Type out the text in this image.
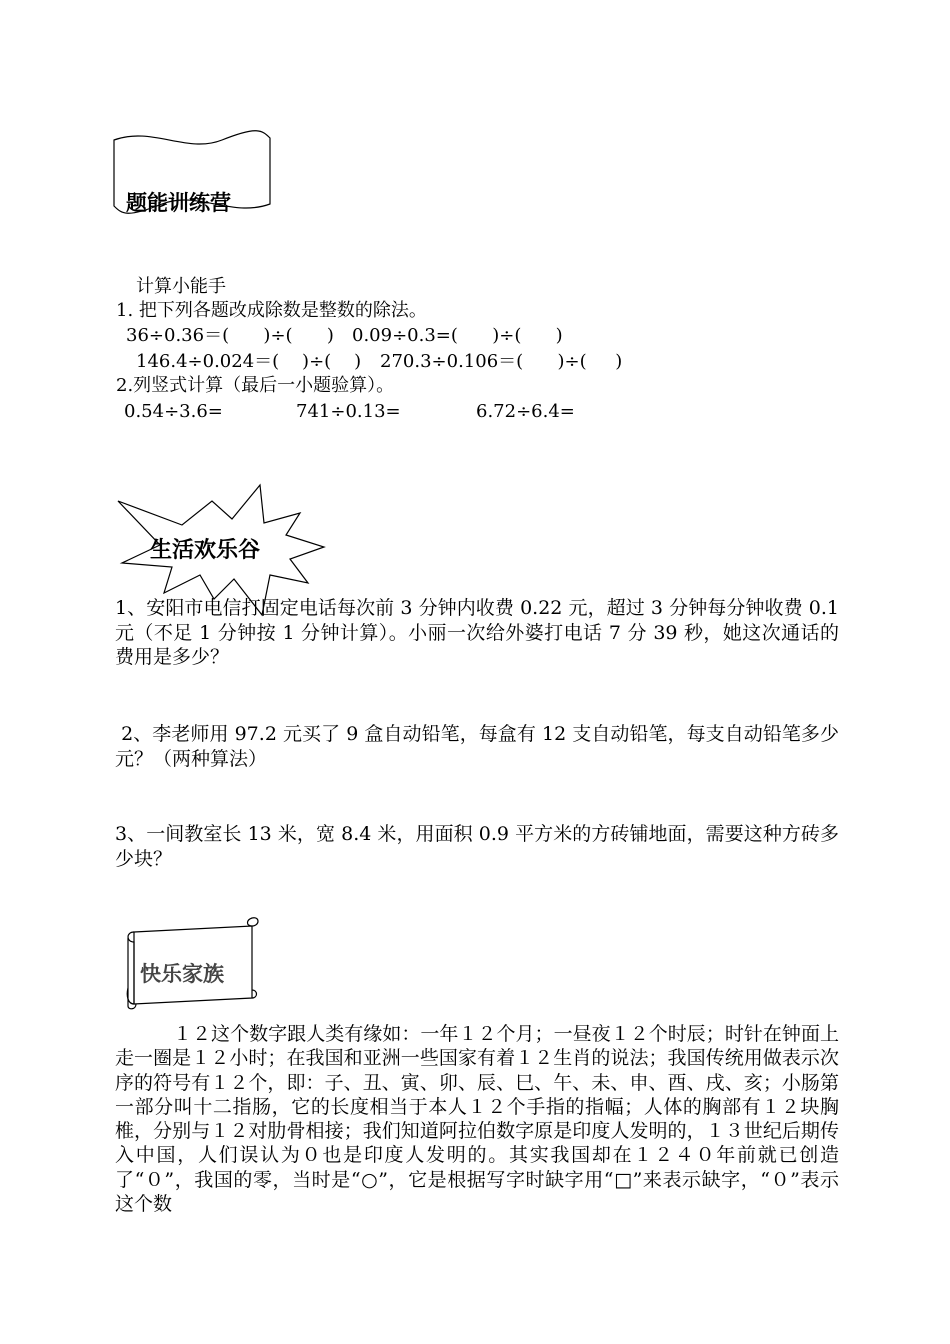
题能训练营
计算小能手
1. 把下列各题改成除数是整数的除法。
36÷0.36＝(      )÷(      ) 0.09÷0.3=(      )÷(      )
146.4÷0.024＝(    )÷(    ) 270.3÷0.106＝(      )÷(     )
2.列竖式计算（最后一小题验算）。
0.54÷3.6=	741÷0.13=	6.72÷6.4=
生活欢乐谷
1、安阳市电信打固定电话每次前 3 分钟内收费 0.22 元，超过 3 分钟每分钟收费 0.1 元（不足 1 分钟按 1 分钟计算）。小丽一次给外婆打电话 7 分 39 秒，她这次通话的费用是多少？
2、李老师用 97.2 元买了 9 盒自动铅笔，每盒有 12 支自动铅笔，每支自动铅笔多少元？（两种算法）
3、一间教室长 13 米，宽 8.4 米，用面积 0.9 平方米的方砖铺地面，需要这种方砖多少块？
快乐家族
１２这个数字跟人类有缘如：一年１２个月；一昼夜１２个时辰；时针在钟面上走一圈是１２小时；在我国和亚洲一些国家有着１２生肖的说法；我国传统用做表示次序的符号有１２个，即：子、丑、寅、卯、辰、巳、午、未、申、酉、戌、亥；小肠第一部分叫十二指肠，它的长度相当于本人１２个手指的指幅；人体的胸部有１２块胸椎，分别与１２对肋骨相接；我们知道阿拉伯数字原是印度人发明的，１３世纪后期传入中国，人们误认为０也是印度人发明的。其实我国却在１２４０年前就已创造了“０”，我国的零，当时是“○”，它是根据写字时缺字用“□”来表示缺字，“０”表示 这个数
